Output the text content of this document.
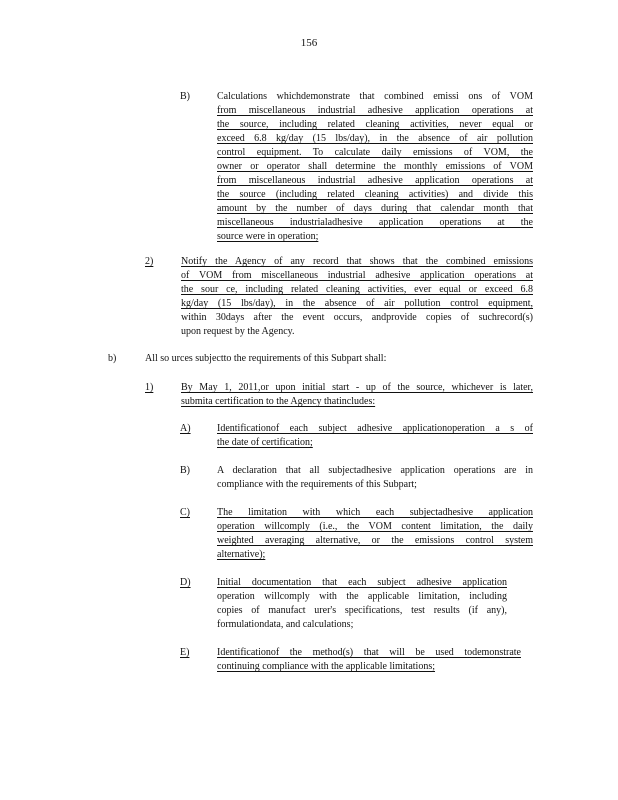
156
B)	Calculations whichdemonstrate that combined emissi ons of VOM
from miscellaneous industrial adhesive application operations at
the source, including related cleaning activities, never equal or
exceed 6.8 kg/day (15 lbs/day), in the absence of air pollution
control equipment. To calculate daily emissions of VOM, the
owner or operator shall determine the monthly emissions of VOM
from miscellaneous industrial adhesive application operations at
the source (including related cleaning activities) and divide this
amount by the number of days during that calendar month that
miscellaneous industrialadhesive application operations at the
source were in operation;
2)	Notify the Agency of any record that shows that the combined emissions
of VOM from miscellaneous industrial adhesive application operations at
the sour ce, including related cleaning activities, ever equal or exceed 6.8
kg/day (15 lbs/day), in the absence of air pollution control equipment,
within 30days after the event occurs, andprovide copies of suchrecord(s)
upon request by the Agency.
b)	All so urces subjectto the requirements of this Subpart shall:
1)	By May 1, 2011,or upon initial start - up of the source, whichever is later,
submita certification to the Agency thatincludes:
A)	Identificationof each subject adhesive applicationoperation a s of
the date of certification;
B)	A declaration that all subjectadhesive application operations are in
compliance with the requirements of this Subpart;
C)	The limitation with which each subjectadhesive application
operation willcomply (i.e., the VOM content limitation, the daily
weighted averaging alternative, or the emissions control system
alternative);
D)	Initial documentation that each subject adhesive application
operation willcomply with the applicable limitation, including
copies of manufact urer's specifications, test results (if any),
formulationdata, and calculations;
E)	Identificationof the method(s) that will be used todemonstrate
continuing compliance with the applicable limitations;
